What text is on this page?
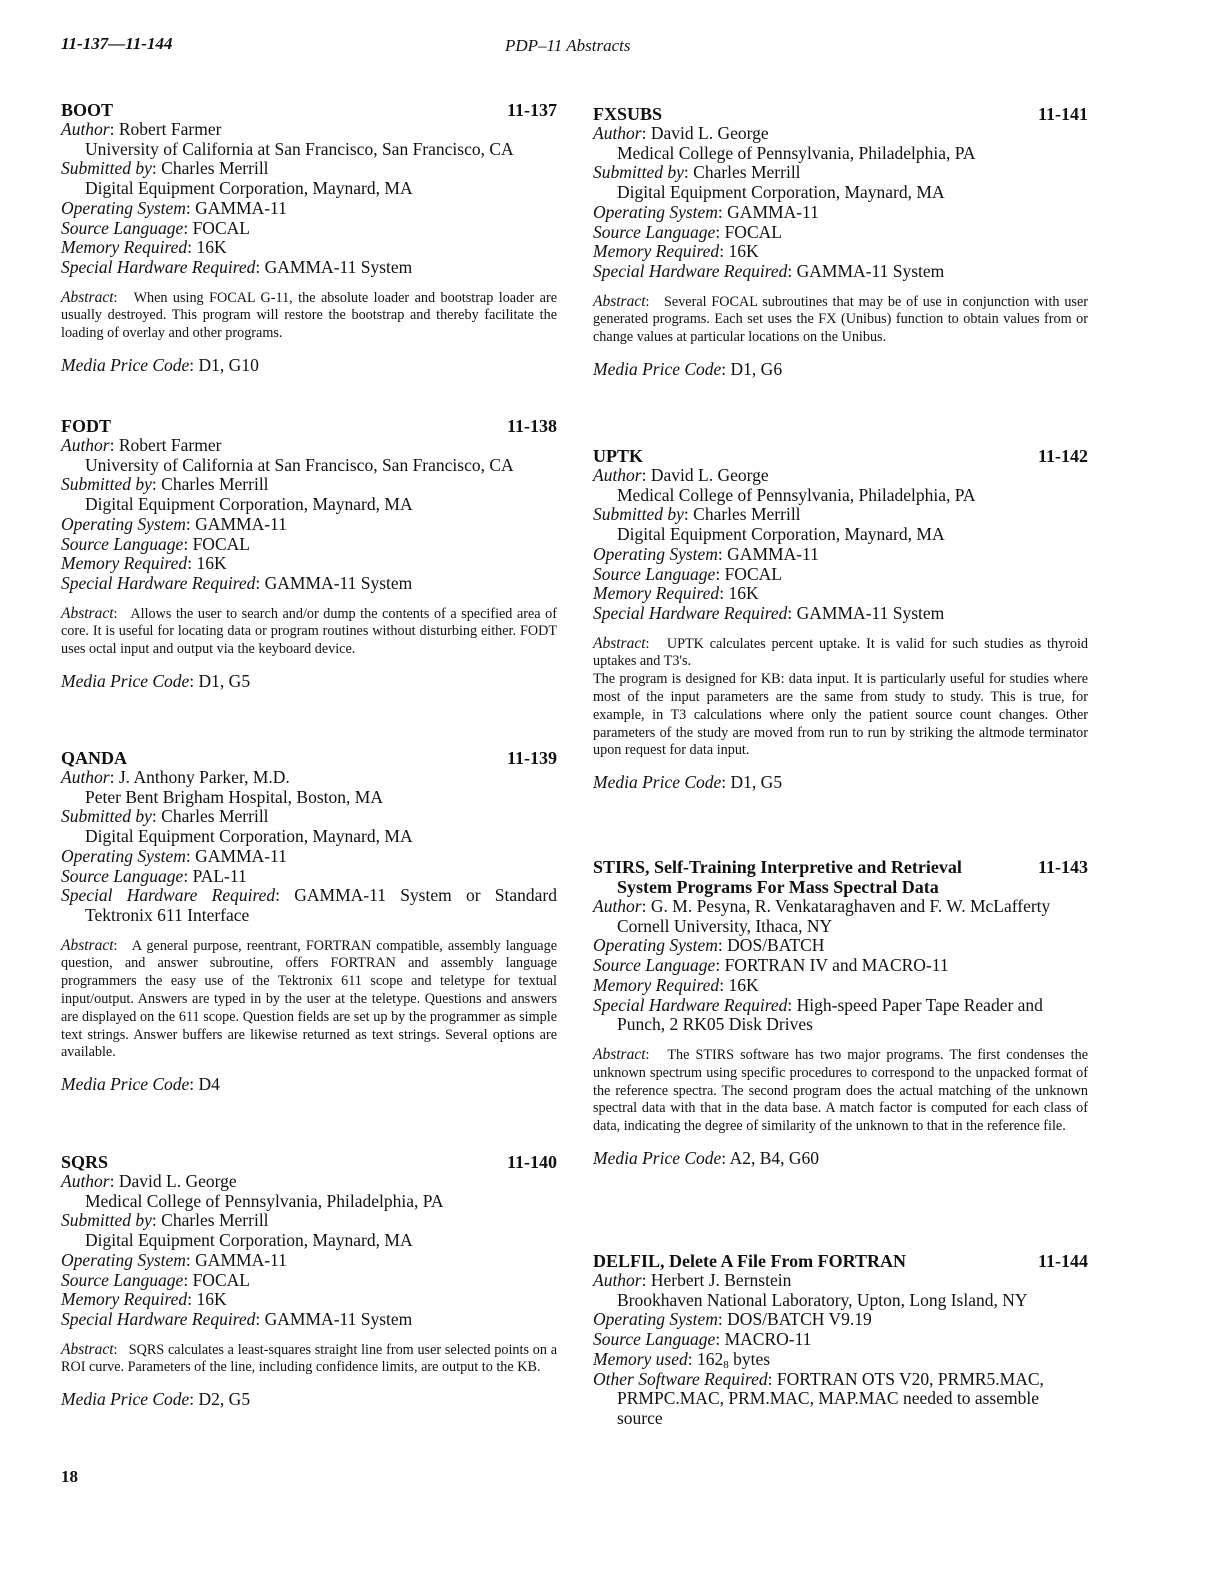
11-137—11-144	PDP–11 Abstracts
BOOT	11-137
Author: Robert Farmer
University of California at San Francisco, San Francisco, CA
Submitted by: Charles Merrill
Digital Equipment Corporation, Maynard, MA
Operating System: GAMMA-11
Source Language: FOCAL
Memory Required: 16K
Special Hardware Required: GAMMA-11 System
Abstract:   When using FOCAL G-11, the absolute loader and bootstrap loader are usually destroyed. This program will restore the bootstrap and thereby facilitate the loading of overlay and other programs.
Media Price Code: D1, G10
FODT	11-138
Author: Robert Farmer
University of California at San Francisco, San Francisco, CA
Submitted by: Charles Merrill
Digital Equipment Corporation, Maynard, MA
Operating System: GAMMA-11
Source Language: FOCAL
Memory Required: 16K
Special Hardware Required: GAMMA-11 System
Abstract:   Allows the user to search and/or dump the contents of a specified area of core. It is useful for locating data or program routines without disturbing either. FODT uses octal input and output via the keyboard device.
Media Price Code: D1, G5
QANDA	11-139
Author: J. Anthony Parker, M.D.
Peter Bent Brigham Hospital, Boston, MA
Submitted by: Charles Merrill
Digital Equipment Corporation, Maynard, MA
Operating System: GAMMA-11
Source Language: PAL-11
Special Hardware Required: GAMMA-11 System or Standard Tektronix 611 Interface
Abstract:   A general purpose, reentrant, FORTRAN compatible, assembly language question, and answer subroutine, offers FORTRAN and assembly language programmers the easy use of the Tektronix 611 scope and teletype for textual input/output. Answers are typed in by the user at the teletype. Questions and answers are displayed on the 611 scope. Question fields are set up by the programmer as simple text strings. Answer buffers are likewise returned as text strings. Several options are available.
Media Price Code: D4
SQRS	11-140
Author: David L. George
Medical College of Pennsylvania, Philadelphia, PA
Submitted by: Charles Merrill
Digital Equipment Corporation, Maynard, MA
Operating System: GAMMA-11
Source Language: FOCAL
Memory Required: 16K
Special Hardware Required: GAMMA-11 System
Abstract:   SQRS calculates a least-squares straight line from user selected points on a ROI curve. Parameters of the line, including confidence limits, are output to the KB.
Media Price Code: D2, G5
FXSUBS	11-141
Author: David L. George
Medical College of Pennsylvania, Philadelphia, PA
Submitted by: Charles Merrill
Digital Equipment Corporation, Maynard, MA
Operating System: GAMMA-11
Source Language: FOCAL
Memory Required: 16K
Special Hardware Required: GAMMA-11 System
Abstract:   Several FOCAL subroutines that may be of use in conjunction with user generated programs. Each set uses the FX (Unibus) function to obtain values from or change values at particular locations on the Unibus.
Media Price Code: D1, G6
UPTK	11-142
Author: David L. George
Medical College of Pennsylvania, Philadelphia, PA
Submitted by: Charles Merrill
Digital Equipment Corporation, Maynard, MA
Operating System: GAMMA-11
Source Language: FOCAL
Memory Required: 16K
Special Hardware Required: GAMMA-11 System
Abstract:   UPTK calculates percent uptake. It is valid for such studies as thyroid uptakes and T3's.

The program is designed for KB: data input. It is particularly useful for studies where most of the input parameters are the same from study to study. This is true, for example, in T3 calculations where only the patient source count changes. Other parameters of the study are moved from run to run by striking the altmode terminator upon request for data input.

Media Price Code: D1, G5
STIRS, Self-Training Interpretive and Retrieval
System Programs For Mass Spectral Data
11-143
Author: G. M. Pesyna, R. Venkataraghaven and F. W. McLafferty
Cornell University, Ithaca, NY
Operating System: DOS/BATCH
Source Language: FORTRAN IV and MACRO-11
Memory Required: 16K
Special Hardware Required: High-speed Paper Tape Reader and Punch, 2 RK05 Disk Drives
Abstract:   The STIRS software has two major programs. The first condenses the unknown spectrum using specific procedures to correspond to the unpacked format of the reference spectra. The second program does the actual matching of the unknown spectral data with that in the data base. A match factor is computed for each class of data, indicating the degree of similarity of the unknown to that in the reference file.
Media Price Code: A2, B4, G60
DELFIL, Delete A File From FORTRAN	11-144
Author: Herbert J. Bernstein
Brookhaven National Laboratory, Upton, Long Island, NY
Operating System: DOS/BATCH V9.19
Source Language: MACRO-11
Memory used: $162_8$ bytes
Other Software Required: FORTRAN OTS V20, PRMR5.MAC, PRMPC.MAC, PRM.MAC, MAP.MAC needed to assemble source
18
